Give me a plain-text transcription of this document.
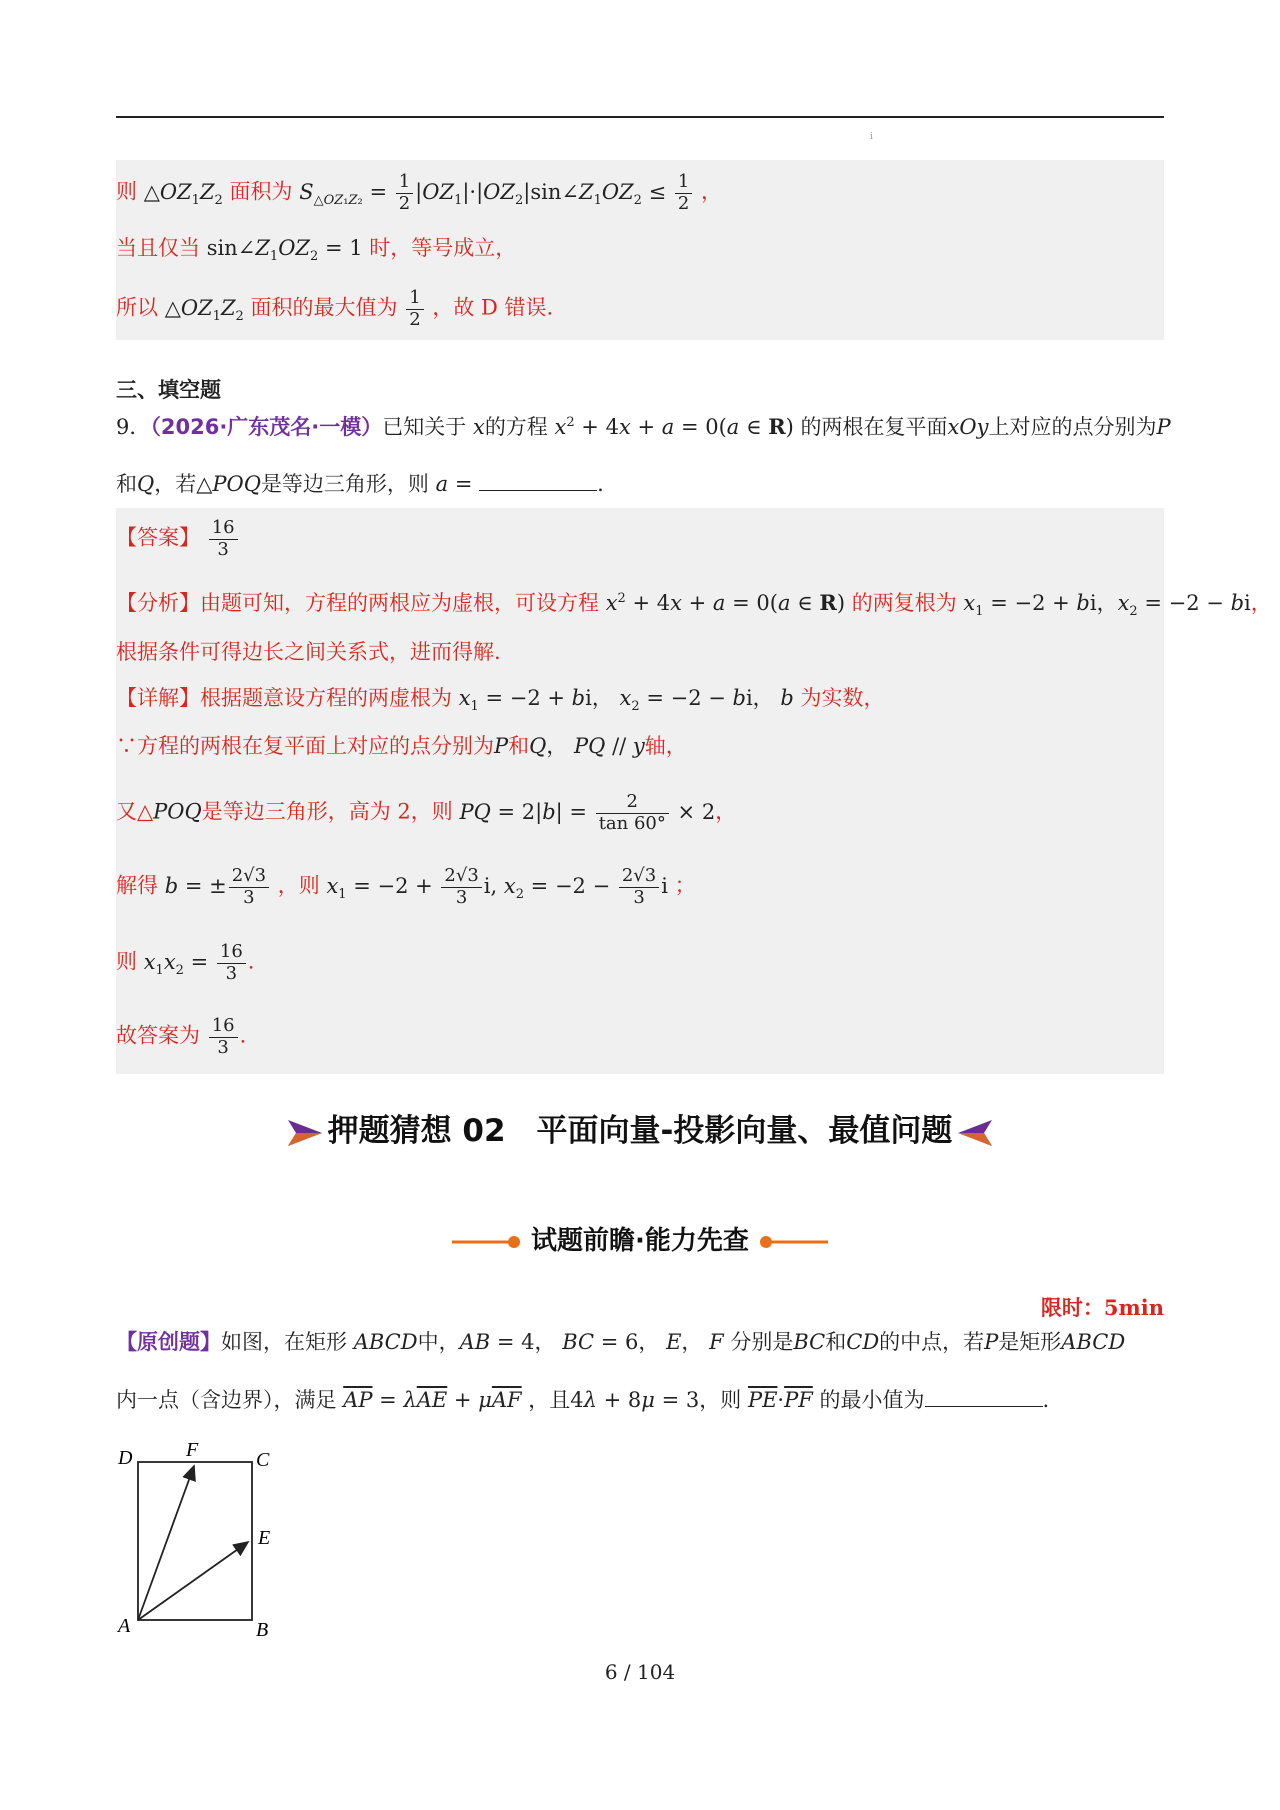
ⅰ
则 $\triangle OZ_1Z_2$ 面积为 $S_{\triangle OZ_1Z_2} = \frac{1}{2}$ $|OZ_1|\cdot|OZ_2|\sin\angle Z_1OZ_2 \le \frac{1}{2}$ ，
当且仅当 $\sin\angle Z_1OZ_2 = 1$ 时，等号成立，
所以 $\triangle OZ_1Z_2$ 面积的最大值为 $\frac{1}{2}$ ，故 D 错误.
三、填空题
9．（2026·广东茂名·一模）已知关于 x的方程 $x^2 + 4x + a = 0(a$ ∈ R) 的两根在复平面xOy上对应的点分别为P
和Q，若△POQ是等边三角形，则 a =	.
【答案】 $\frac{16}{3}$
【分析】由题可知，方程的两根应为虚根，可设方程 $x^2 + 4x + a = 0(a$ ∈ R) 的两复根为 $x_1 = -2$ + bi，$x_2 = -2$ − bi，
根据条件可得边长之间关系式，进而得解.
【详解】根据题意设方程的两虚根为 $x_1 = -2$ + bi， $x_2 = -2$ − bi， b 为实数，
∵方程的两根在复平面上对应的点分别为P和Q， PQ // y轴，
又△POQ是等边三角形，高为 2，则 PQ = $2|b| = \frac{2}{\tan 60^\circ} \times 2$，
解得 b = ± $\frac{2√3}{3}$ ，则 $x_1 = -2 + \frac{2√3}{3} i$, $x_2 = -2 - \frac{2√3}{3}$ i ；
则 $x_1x_2 = \frac{16}{3}$ .
故答案为 $\frac{16}{3}$ .
押题猜想 02　平面向量-投影向量、最值问题
试题前瞻·能力先查
限时：5min
【原创题】如图，在矩形 ABCD中，AB = 4， BC = 6， E， F 分别是BC和CD的中点，若P是矩形ABCD
内一点（含边界），满足 $\overline{AP} = \lambda\overline{AE} + \mu\overline{AF}$ ，且4λ + 8μ = 3，则 $\overline{PE}\cdot\overline{PF}$ 的最小值为	.
D	F	C
E
A	B
6 / 104
